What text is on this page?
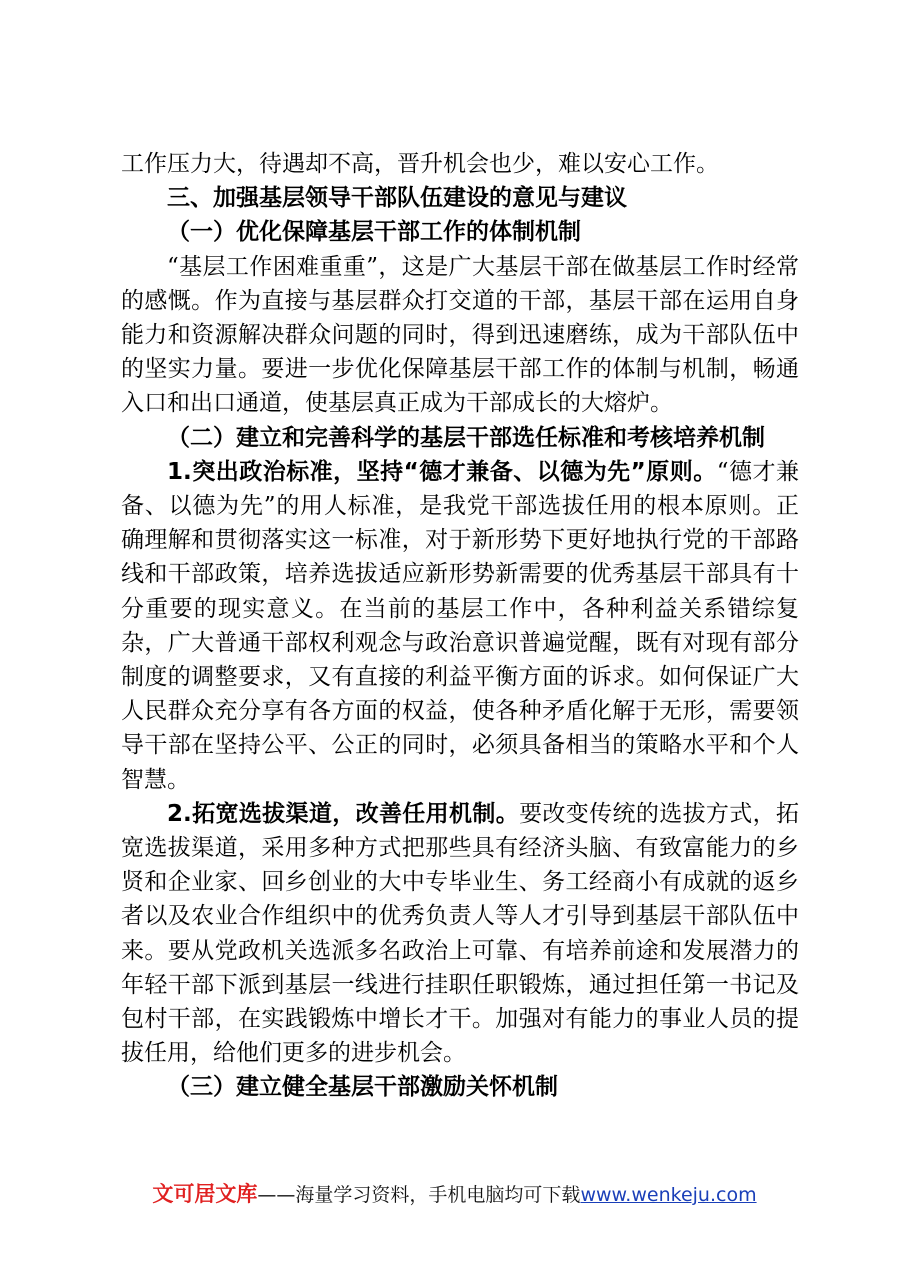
工作压力大，待遇却不高，晋升机会也少，难以安心工作。

三、加强基层领导干部队伍建设的意见与建议

（一）优化保障基层干部工作的体制机制

“基层工作困难重重”，这是广大基层干部在做基层工作时经常的感慨。作为直接与基层群众打交道的干部，基层干部在运用自身能力和资源解决群众问题的同时，得到迅速磨练，成为干部队伍中的坚实力量。要进一步优化保障基层干部工作的体制与机制，畅通入口和出口通道，使基层真正成为干部成长的大熔炉。

（二）建立和完善科学的基层干部选任标准和考核培养机制

1.突出政治标准，坚持“德才兼备、以德为先”原则。“德才兼备、以德为先”的用人标准，是我党干部选拔任用的根本原则。正确理解和贯彻落实这一标准，对于新形势下更好地执行党的干部路线和干部政策，培养选拔适应新形势新需要的优秀基层干部具有十分重要的现实意义。在当前的基层工作中，各种利益关系错综复杂，广大普通干部权利观念与政治意识普遍觉醒，既有对现有部分制度的调整要求，又有直接的利益平衡方面的诉求。如何保证广大人民群众充分享有各方面的权益，使各种矛盾化解于无形，需要领导干部在坚持公平、公正的同时，必须具备相当的策略水平和个人智慧。

2.拓宽选拔渠道，改善任用机制。要改变传统的选拔方式，拓宽选拔渠道，采用多种方式把那些具有经济头脑、有致富能力的乡贤和企业家、回乡创业的大中专毕业生、务工经商小有成就的返乡者以及农业合作组织中的优秀负责人等人才引导到基层干部队伍中来。要从党政机关选派多名政治上可靠、有培养前途和发展潜力的年轻干部下派到基层一线进行挂职任职锻炼，通过担任第一书记及包村干部，在实践锻炼中增长才干。加强对有能力的事业人员的提拔任用，给他们更多的进步机会。

（三）建立健全基层干部激励关怀机制

文可居文库——海量学习资料，手机电脑均可下载www.wenkeju.com
